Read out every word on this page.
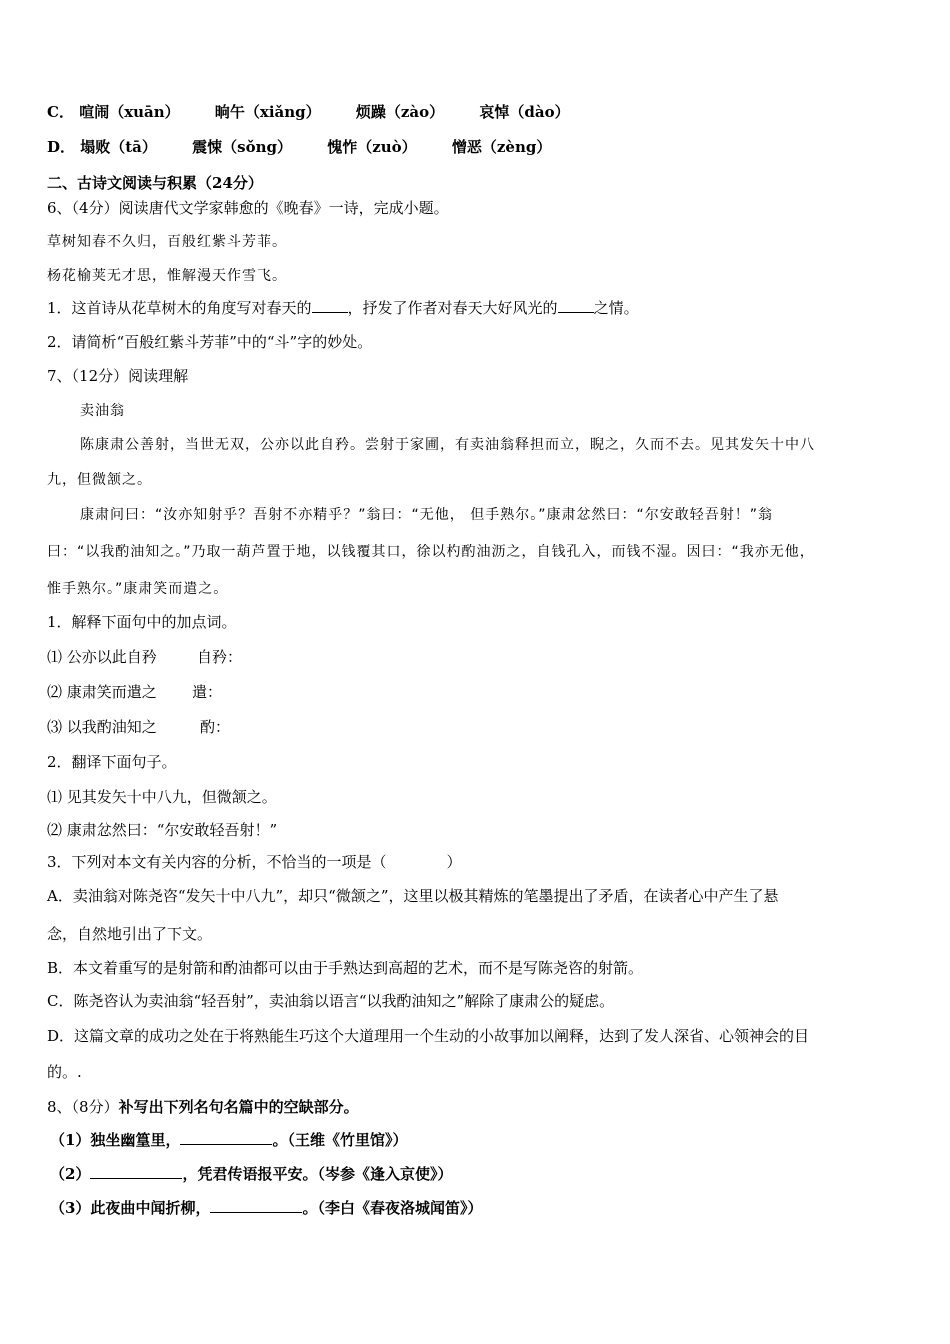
C． 喧闹（xuān） 晌午（xiǎng） 烦躁（zào） 哀悼（dào）
D． 塌败（tā） 震悚（sǒng） 愧怍（zuò） 憎恶（zèng）
二、古诗文阅读与积累（24分）
6、（4分）阅读唐代文学家韩愈的《晚春》一诗，完成小题。
草树知春不久归，百般红紫斗芳菲。
杨花榆荚无才思，惟解漫天作雪飞。
1．这首诗从花草树木的角度写对春天的 ，抒发了作者对春天大好风光的 之情。
2．请简析“百般红紫斗芳菲”中的“斗”字的妙处。
7、（12分）阅读理解
卖油翁
陈康肃公善射，当世无双，公亦以此自矜。尝射于家圃，有卖油翁释担而立，睨之，久而不去。见其发矢十中八
九，但微颔之。
康肃问曰：“汝亦知射乎？吾射不亦精乎？”翁曰：“无他， 但手熟尔。”康肃忿然曰：“尔安敢轻吾射！”翁
曰：“以我酌油知之。”乃取一葫芦置于地，以钱覆其口，徐以杓酌油沥之，自钱孔入，而钱不湿。因曰：“我亦无他，
惟手熟尔。”康肃笑而遣之。
1．解释下面句中的加点词。
⑴ 公亦以此自矜	自矜：
⑵ 康肃笑而遣之 遣：
⑶ 以我酌油知之	酌：
2．翻译下面句子。
⑴ 见其发矢十中八九，但微颔之。
⑵ 康肃忿然曰：“尔安敢轻吾射！”
3．下列对本文有关内容的分析，不恰当的一项是（　　　　）
A．卖油翁对陈尧咨“发矢十中八九”，却只“微颔之”，这里以极其精炼的笔墨提出了矛盾，在读者心中产生了悬
念，自然地引出了下文。
B．本文着重写的是射箭和酌油都可以由于手熟达到高超的艺术，而不是写陈尧咨的射箭。
C．陈尧咨认为卖油翁“轻吾射”，卖油翁以语言“以我酌油知之”解除了康肃公的疑虑。
D．这篇文章的成功之处在于将熟能生巧这个大道理用一个生动的小故事加以阐释，达到了发人深省、心领神会的目
的。.
8、（8分）补写出下列名句名篇中的空缺部分。
（1）独坐幽篁里，	。（王维《竹里馆》）
（2）	，凭君传语报平安。（岑参《逢入京使》）
（3）此夜曲中闻折柳，	。（李白《春夜洛城闻笛》）
